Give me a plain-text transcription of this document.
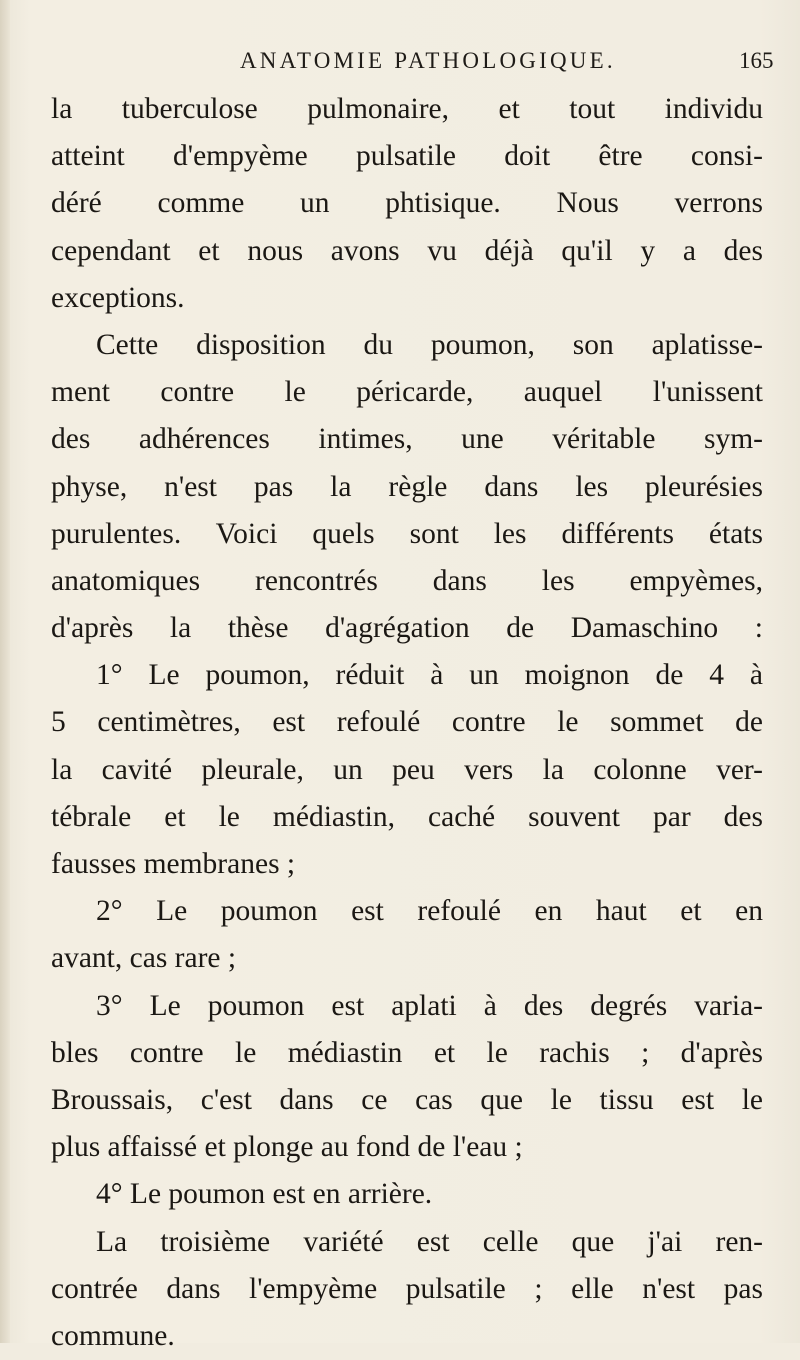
ANATOMIE PATHOLOGIQUE.	165
la tuberculose pulmonaire, et tout individu
atteint d'empyème pulsatile doit être consi-
déré comme un phtisique. Nous verrons
cependant et nous avons vu déjà qu'il y a des
exceptions.
Cette disposition du poumon, son aplatisse-
ment contre le péricarde, auquel l'unissent
des adhérences intimes, une véritable sym-
physe, n'est pas la règle dans les pleurésies
purulentes. Voici quels sont les différents états
anatomiques rencontrés dans les empyèmes,
d'après la thèse d'agrégation de Damaschino :
1° Le poumon, réduit à un moignon de 4 à
5 centimètres, est refoulé contre le sommet de
la cavité pleurale, un peu vers la colonne ver-
tébrale et le médiastin, caché souvent par des
fausses membranes ;
2° Le poumon est refoulé en haut et en
avant, cas rare ;
3° Le poumon est aplati à des degrés varia-
bles contre le médiastin et le rachis ; d'après
Broussais, c'est dans ce cas que le tissu est le
plus affaissé et plonge au fond de l'eau ;
4° Le poumon est en arrière.
La troisième variété est celle que j'ai ren-
contrée dans l'empyème pulsatile ; elle n'est pas
commune.
